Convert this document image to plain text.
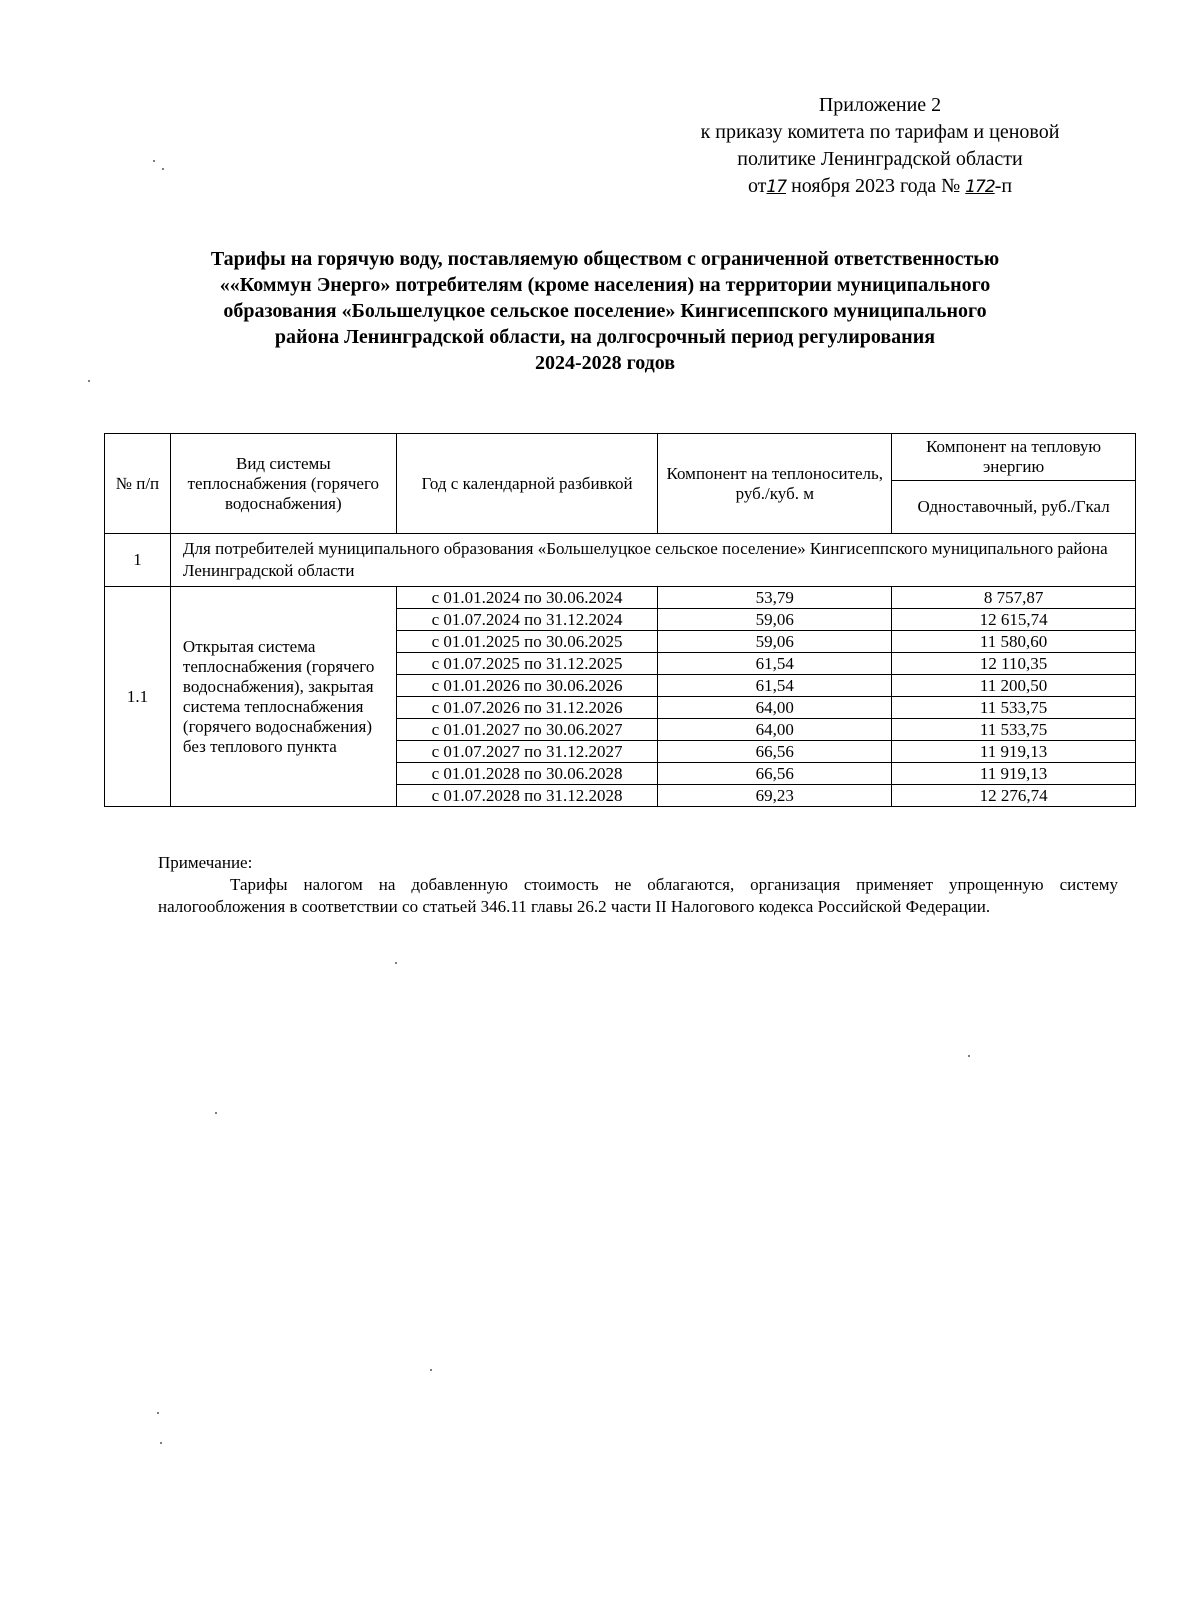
Приложение 2
к приказу комитета по тарифам и ценовой
политике Ленинградской области
от17 ноября 2023 года № 172-п
Тарифы на горячую воду, поставляемую обществом с ограниченной ответственностью
««Коммун Энерго» потребителям (кроме населения) на территории муниципального
образования «Большелуцкое сельское поселение» Кингисеппского муниципального
района Ленинградской области, на долгосрочный период регулирования
2024-2028 годов
№ п/п	Вид системы теплоснабжения (горячего водоснабжения)	Год с календарной разбивкой	Компонент на теплоноситель, руб./куб. м	Компонент на тепловую энергию
				Одноставочный, руб./Гкал
1	Для потребителей муниципального образования «Большелуцкое сельское поселение» Кингисеппского муниципального района Ленинградской области			
1.1	Открытая система теплоснабжения (горячего водоснабжения), закрытая система теплоснабжения (горячего водоснабжения) без теплового пункта	с 01.01.2024 по 30.06.2024	53,79	8 757,87
		с 01.07.2024 по 31.12.2024	59,06	12 615,74
		с 01.01.2025 по 30.06.2025	59,06	11 580,60
		с 01.07.2025 по 31.12.2025	61,54	12 110,35
		с 01.01.2026 по 30.06.2026	61,54	11 200,50
		с 01.07.2026 по 31.12.2026	64,00	11 533,75
		с 01.01.2027 по 30.06.2027	64,00	11 533,75
		с 01.07.2027 по 31.12.2027	66,56	11 919,13
		с 01.01.2028 по 30.06.2028	66,56	11 919,13
		с 01.07.2028 по 31.12.2028	69,23	12 276,74
Примечание:
Тарифы налогом на добавленную стоимость не облагаются, организация применяет упрощенную систему налогообложения в соответствии со статьей 346.11 главы 26.2 части II Налогового кодекса Российской Федерации.
